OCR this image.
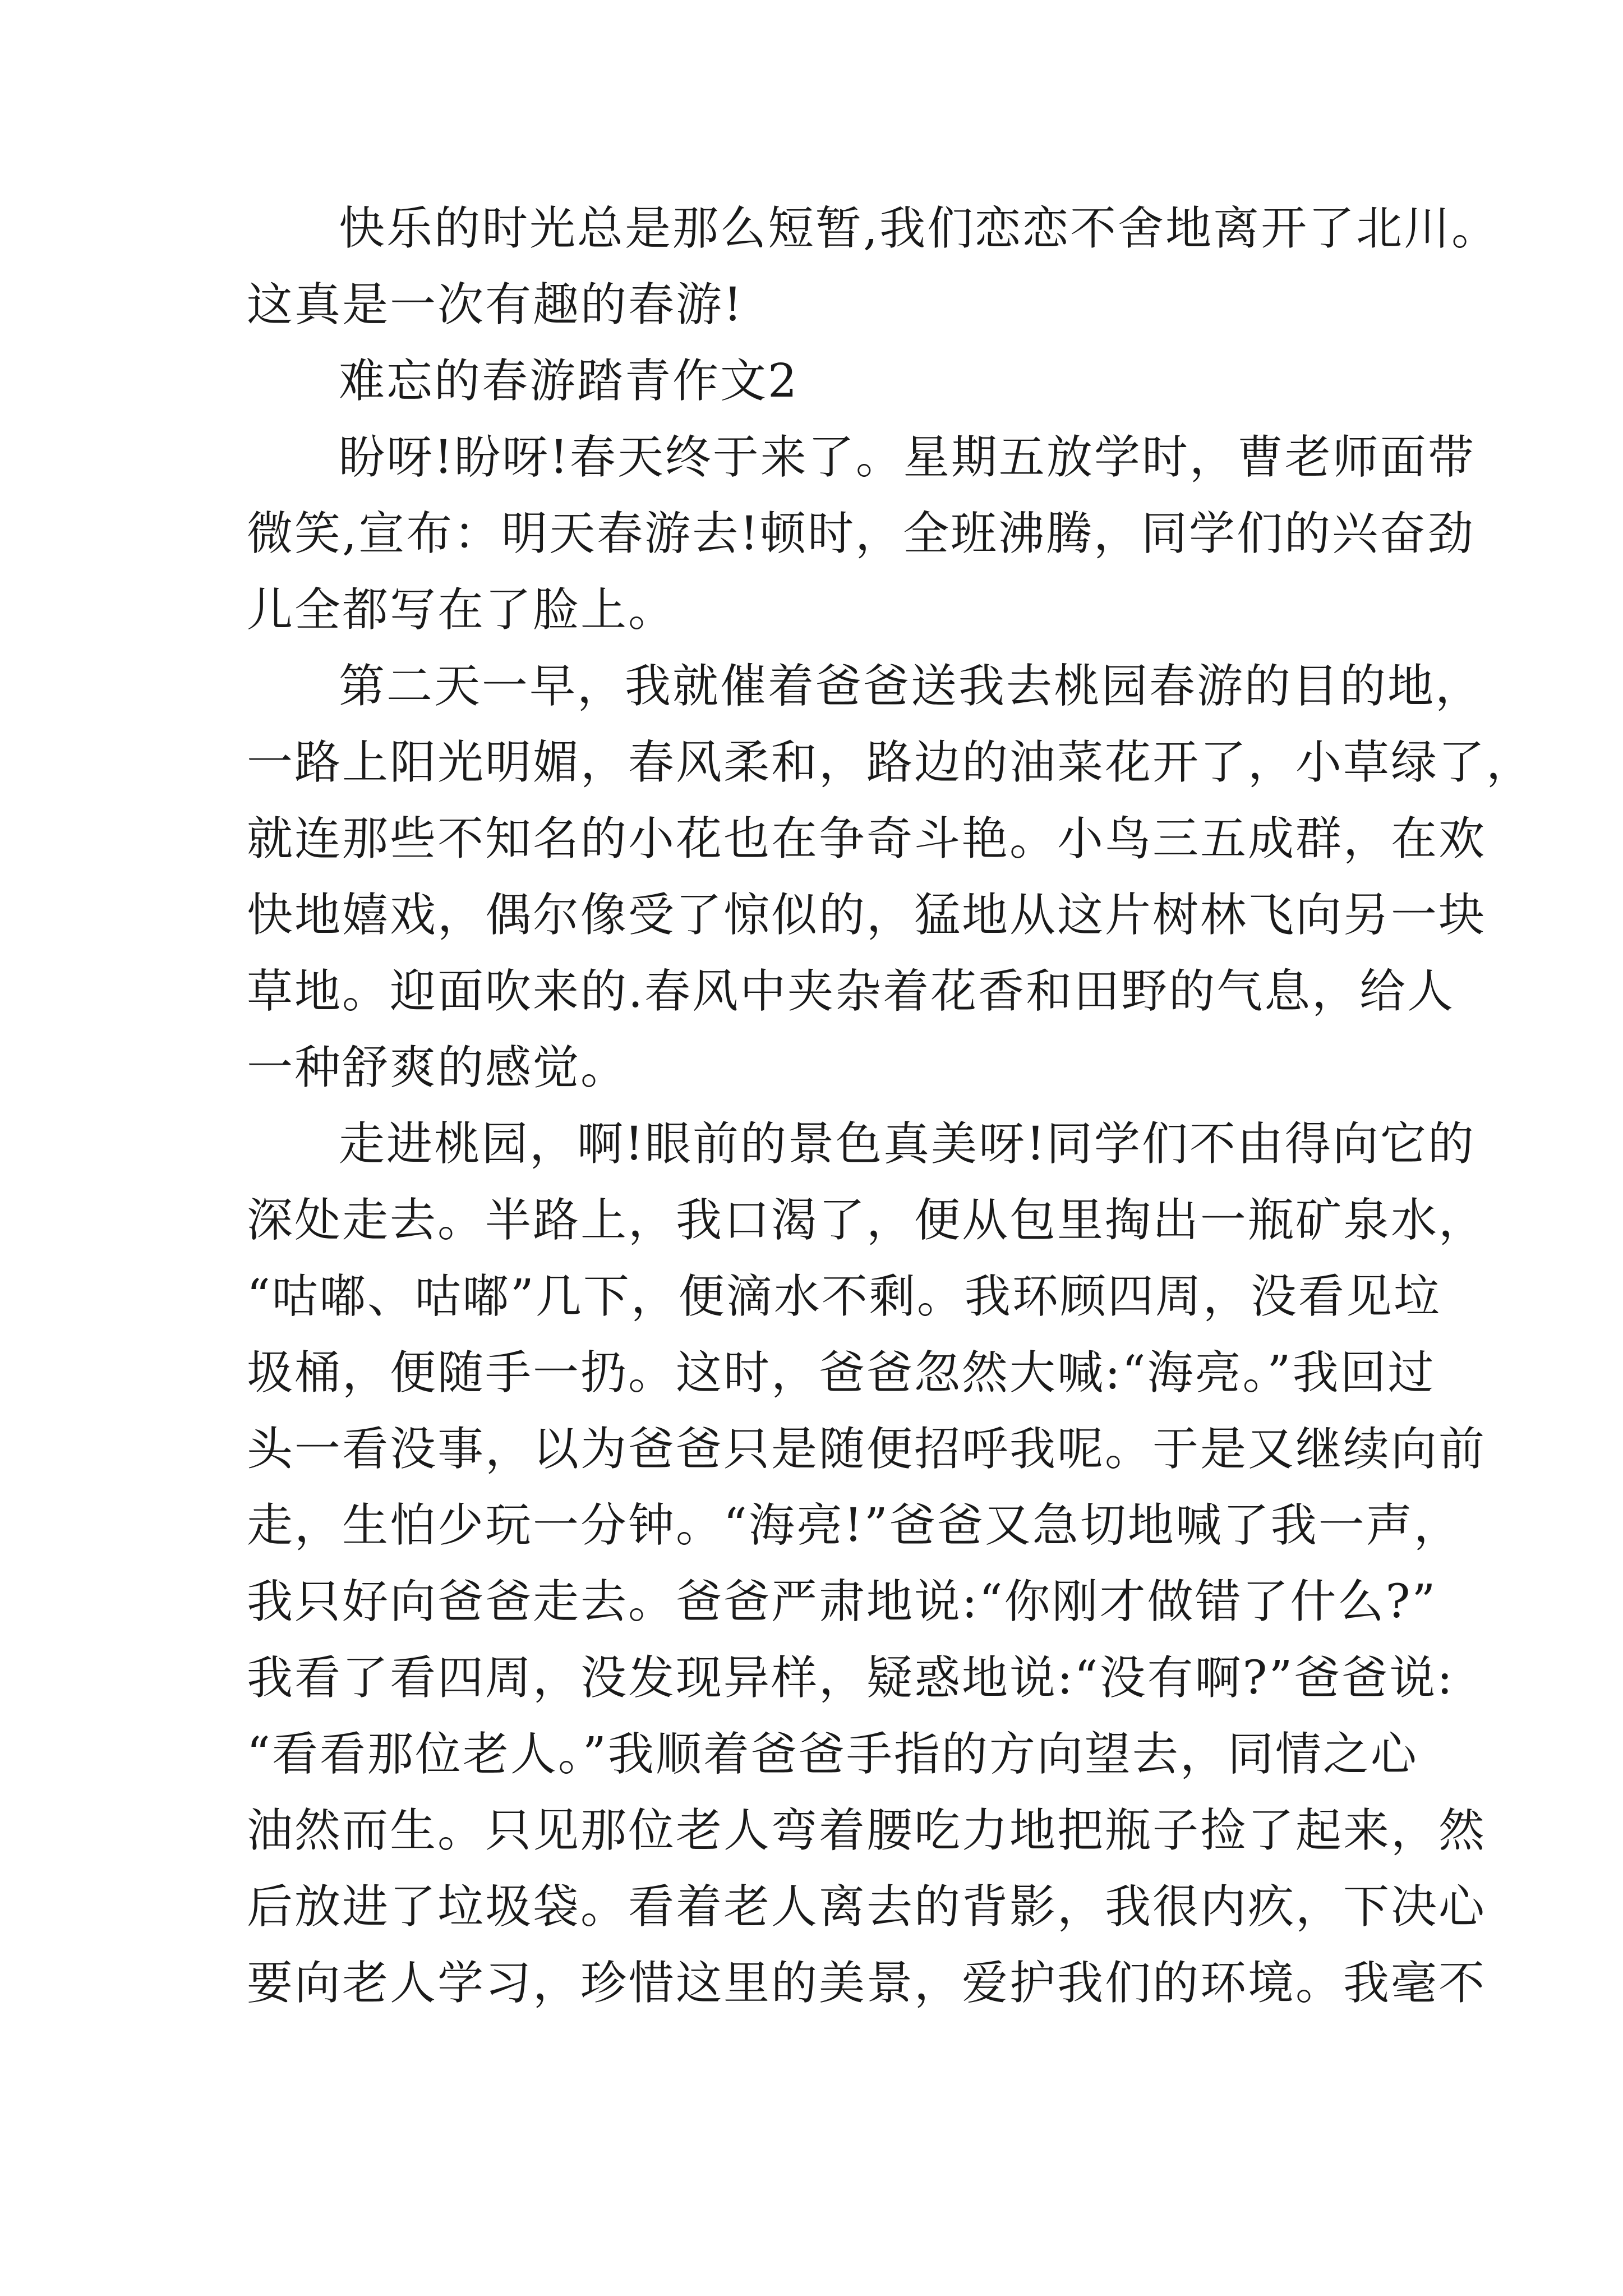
快乐的时光总是那么短暂,我们恋恋不舍地离开了北川。
这真是一次有趣的春游!
难忘的春游踏青作文2
盼呀!盼呀!春天终于来了。星期五放学时，曹老师面带
微笑,宣布：明天春游去!顿时，全班沸腾，同学们的兴奋劲
儿全都写在了脸上。
第二天一早，我就催着爸爸送我去桃园春游的目的地，
一路上阳光明媚，春风柔和，路边的油菜花开了，小草绿了，
就连那些不知名的小花也在争奇斗艳。小鸟三五成群，在欢
快地嬉戏，偶尔像受了惊似的，猛地从这片树林飞向另一块
草地。迎面吹来的.春风中夹杂着花香和田野的气息，给人
一种舒爽的感觉。
走进桃园，啊!眼前的景色真美呀!同学们不由得向它的
深处走去。半路上，我口渴了，便从包里掏出一瓶矿泉水，
“咕嘟、咕嘟”几下，便滴水不剩。我环顾四周，没看见垃
圾桶，便随手一扔。这时，爸爸忽然大喊:“海亮。”我回过
头一看没事，以为爸爸只是随便招呼我呢。于是又继续向前
走，生怕少玩一分钟。“海亮!”爸爸又急切地喊了我一声，
我只好向爸爸走去。爸爸严肃地说:“你刚才做错了什么?”
我看了看四周，没发现异样，疑惑地说:“没有啊?”爸爸说:
“看看那位老人。”我顺着爸爸手指的方向望去，同情之心
油然而生。只见那位老人弯着腰吃力地把瓶子捡了起来，然
后放进了垃圾袋。看着老人离去的背影，我很内疚，下决心
要向老人学习，珍惜这里的美景，爱护我们的环境。我毫不
